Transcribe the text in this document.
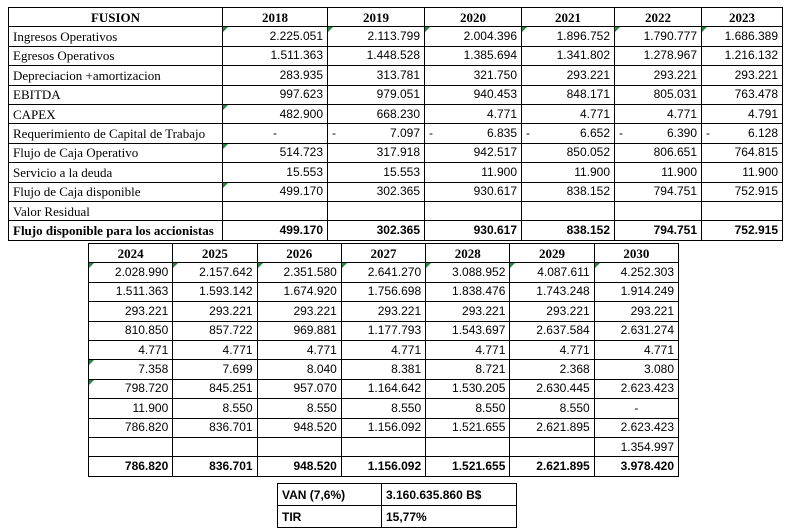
FUSION	2018	2019	2020	2021	2022	2023
Ingresos Operativos	2.225.051	2.113.799	2.004.396	1.896.752	1.790.777	1.686.389
Egresos Operativos	1.511.363	1.448.528	1.385.694	1.341.802	1.278.967	1.216.132
Depreciacion +amortizacion	283.935	313.781	321.750	293.221	293.221	293.221
EBITDA	997.623	979.051	940.453	848.171	805.031	763.478
CAPEX	482.900	668.230	4.771	4.771	4.771	4.791
Requerimiento de Capital de Trabajo	-	- 7.097	- 6.835	- 6.652	- 6.390	- 6.128
Flujo de Caja Operativo	514.723	317.918	942.517	850.052	806.651	764.815
Servicio a la deuda	15.553	15.553	11.900	11.900	11.900	11.900
Flujo de Caja disponible	499.170	302.365	930.617	838.152	794.751	752.915
Valor Residual						
Flujo disponible para los accionistas	499.170	302.365	930.617	838.152	794.751	752.915
2024	2025	2026	2027	2028	2029	2030
2.028.990	2.157.642	2.351.580	2.641.270	3.088.952	4.087.611	4.252.303
1.511.363	1.593.142	1.674.920	1.756.698	1.838.476	1.743.248	1.914.249
293.221	293.221	293.221	293.221	293.221	293.221	293.221
810.850	857.722	969.881	1.177.793	1.543.697	2.637.584	2.631.274
4.771	4.771	4.771	4.771	4.771	4.771	4.771
7.358	7.699	8.040	8.381	8.721	2.368	3.080
798.720	845.251	957.070	1.164.642	1.530.205	2.630.445	2.623.423
11.900	8.550	8.550	8.550	8.550	8.550	-
786.820	836.701	948.520	1.156.092	1.521.655	2.621.895	2.623.423
						1.354.997
786.820	836.701	948.520	1.156.092	1.521.655	2.621.895	3.978.420
VAN (7,6%)	3.160.635.860 B$
TIR	15,77%
